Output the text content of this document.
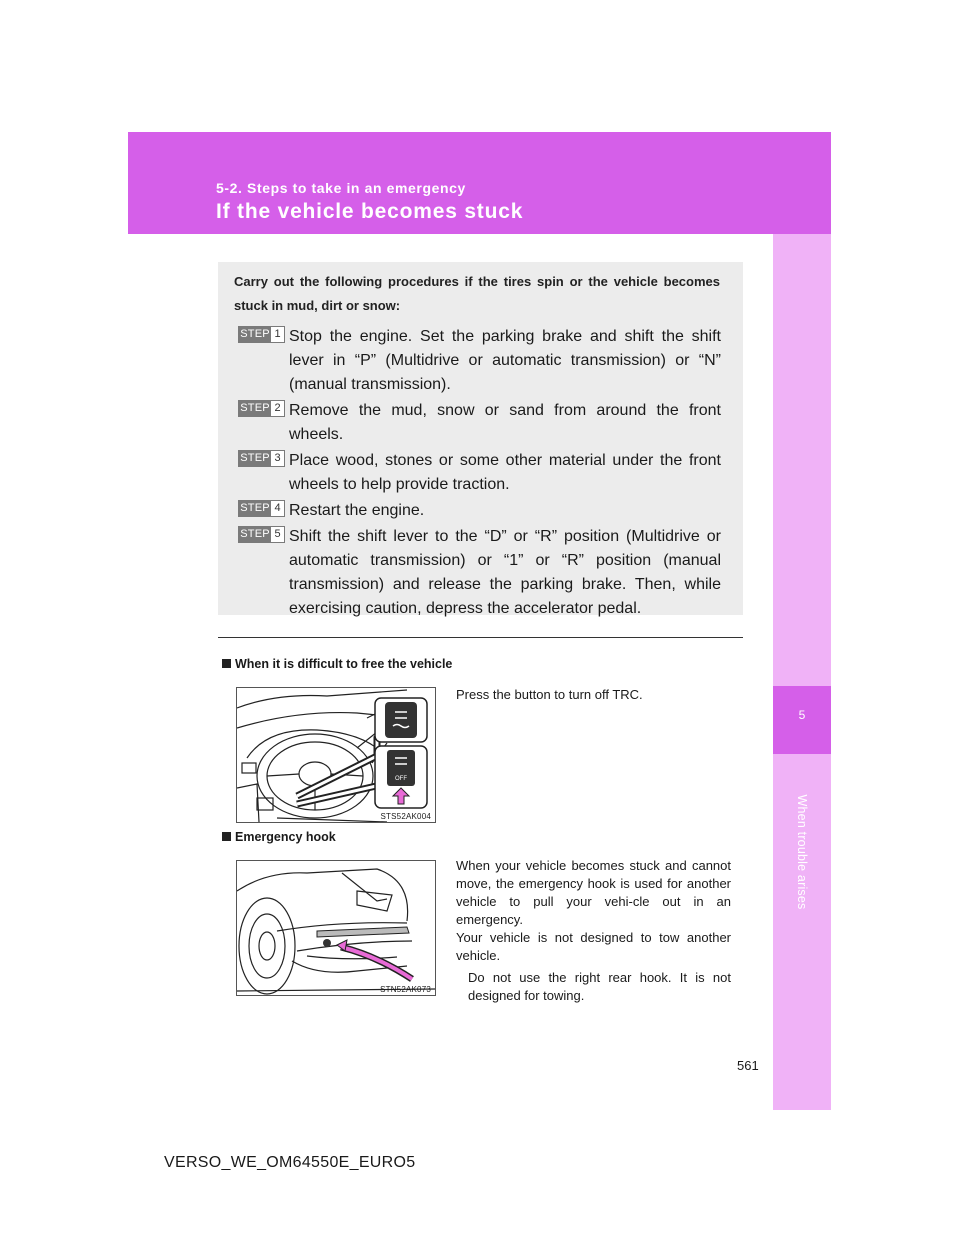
5-2. Steps to take in an emergency
If the vehicle becomes stuck
5
When trouble arises
Carry out the following procedures if the tires spin or the vehicle becomes stuck in mud, dirt or snow:
STEP 1 Stop the engine. Set the parking brake and shift the shift lever in “P” (Multidrive or automatic transmission) or “N” (manual transmission).
STEP 2 Remove the mud, snow or sand from around the front wheels.
STEP 3 Place wood, stones or some other material under the front wheels to help provide traction.
STEP 4 Restart the engine.
STEP 5 Shift the shift lever to the “D” or “R” position (Multidrive or automatic transmission) or “1” or “R” position (manual transmission) and release the parking brake. Then, while exercising caution, depress the accelerator pedal.
When it is difficult to free the vehicle
OFF
STS52AK004

Press the button to turn off TRC.

Emergency hook
STN52AK073

When your vehicle becomes stuck and cannot move, the emergency hook is used for another vehicle to pull your vehi-cle out in an emergency.

Your vehicle is not designed to tow another vehicle.

Do not use the right rear hook. It is not designed for towing.

561
VERSO_WE_OM64550E_EURO5
